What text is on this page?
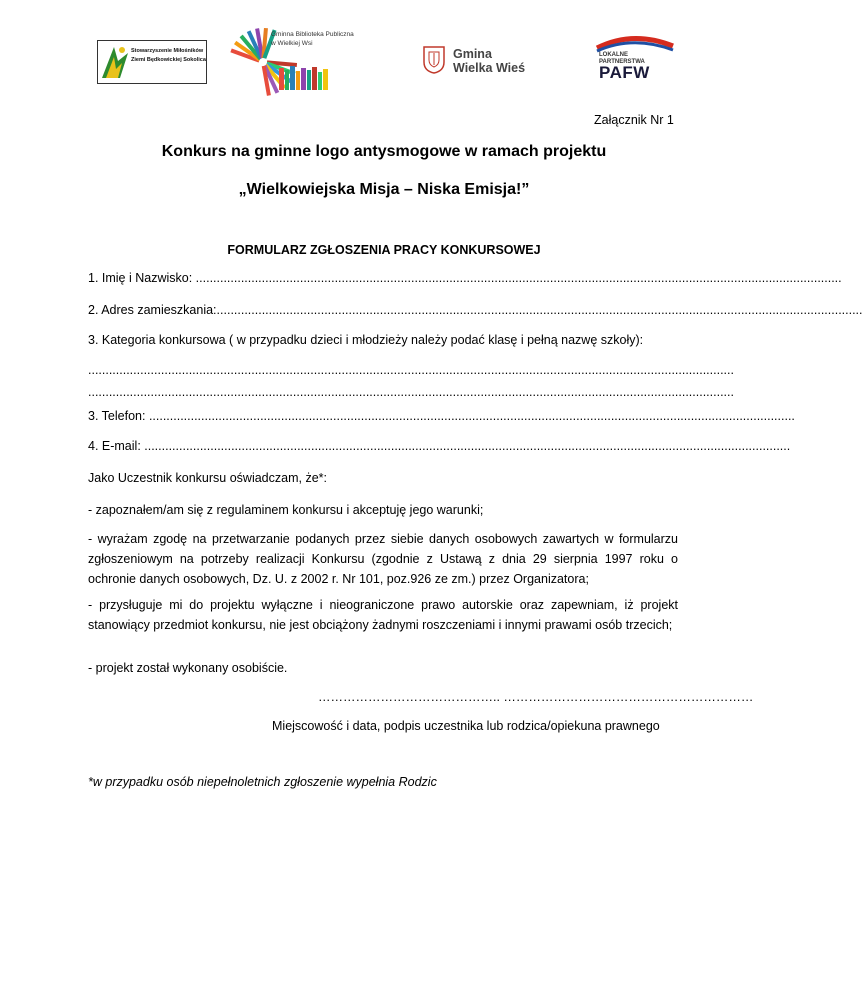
Stowarzyszenie Miłośników
Ziemi Będkowickiej Sokolica
Gminna Biblioteka Publiczna
w Wielkiej Wsi
Gmina
Wielka Wieś
LOKALNE
PARTNERSTWA
PAFW
Załącznik Nr 1
Konkurs na gminne logo antysmogowe w ramach projektu
„Wielkowiejska Misja – Niska Emisja!”
FORMULARZ ZGŁOSZENIA PRACY KONKURSOWEJ
1. Imię i Nazwisko: ..........................................................................................................................................................................................
2. Adres zamieszkania:..........................................................................................................................................................................................
3. Kategoria konkursowa ( w przypadku dzieci i młodzieży należy podać klasę i pełną nazwę szkoły):
..........................................................................................................................................................................................
..........................................................................................................................................................................................
3. Telefon: ..........................................................................................................................................................................................
4. E-mail: ..........................................................................................................................................................................................
Jako Uczestnik konkursu oświadczam, że*:
- zapoznałem/am się z regulaminem konkursu i akceptuję jego warunki;
- wyrażam zgodę na przetwarzanie podanych przez siebie danych osobowych zawartych w formularzu zgłoszeniowym na potrzeby realizacji Konkursu (zgodnie z Ustawą z dnia 29 sierpnia 1997 roku o ochronie danych osobowych, Dz. U. z 2002 r. Nr 101, poz.926 ze zm.) przez Organizatora;
- przysługuje mi do projektu wyłączne i nieograniczone prawo autorskie oraz zapewniam, iż projekt stanowiący przedmiot konkursu, nie jest obciążony żadnymi roszczeniami i innymi prawami osób trzecich;
- projekt został wykonany osobiście.
…………………………………….. ……………………………………………………
Miejscowość i data, podpis uczestnika lub rodzica/opiekuna prawnego
*w przypadku osób niepełnoletnich zgłoszenie wypełnia Rodzic
